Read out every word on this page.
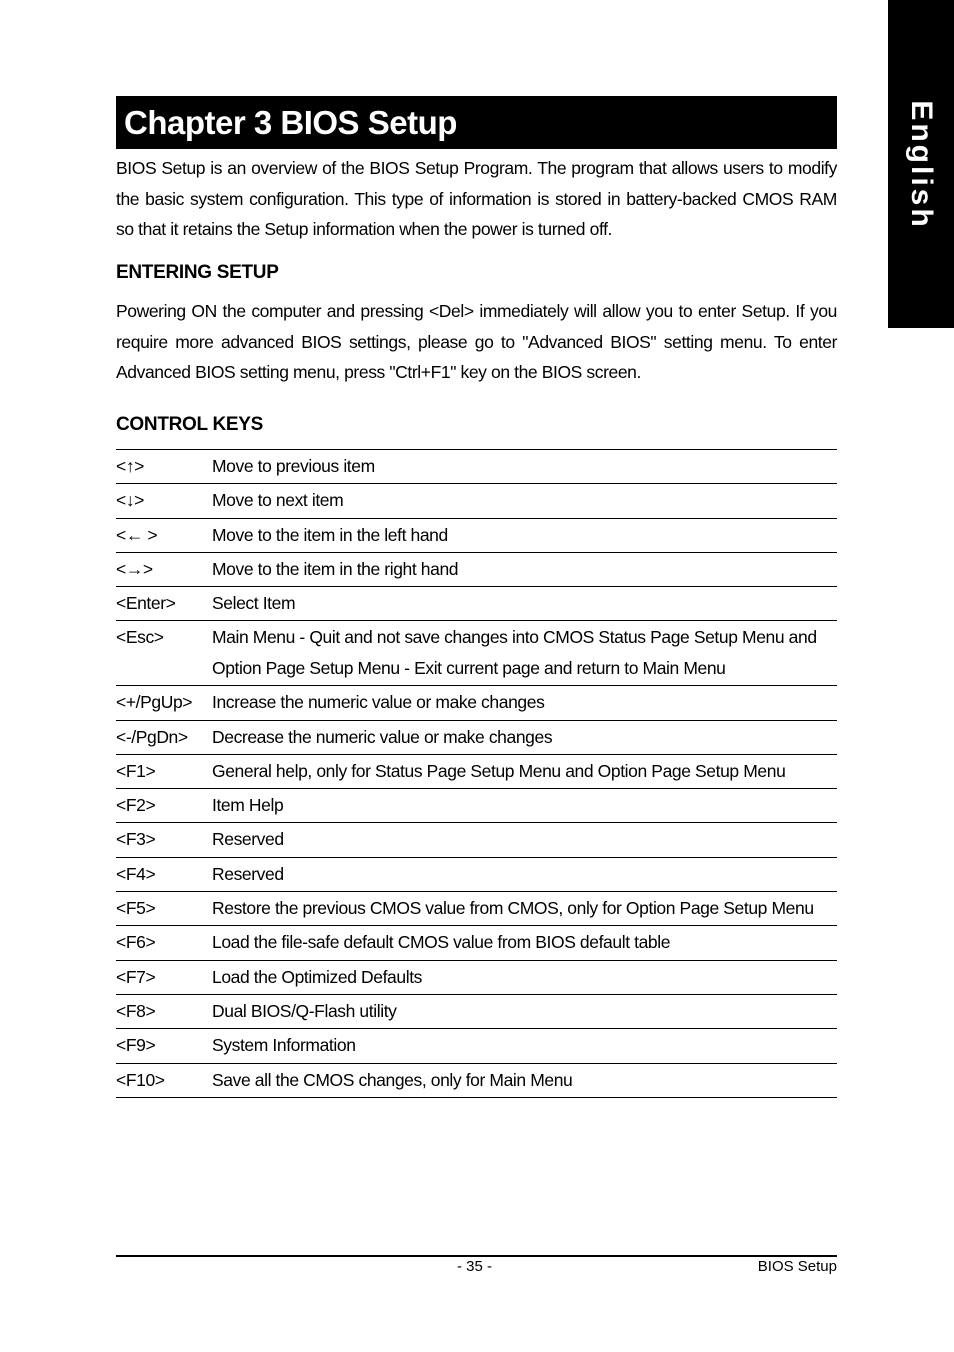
English
Chapter 3 BIOS Setup

BIOS Setup is an overview of the BIOS Setup Program. The program that allows users to modify the basic system configuration. This type of information is stored in battery-backed CMOS RAM so that it retains the Setup information when the power is turned off.

ENTERING SETUP

Powering ON the computer and pressing <Del> immediately will allow you to enter Setup. If you require more advanced BIOS settings, please go to "Advanced BIOS" setting menu. To enter Advanced BIOS setting menu, press "Ctrl+F1" key on the BIOS screen.

CONTROL KEYS
<↑>	Move to previous item
<↓>	Move to next item
<← >	Move to the item in the left hand
<→>	Move to the item in the right hand
<Enter>	Select Item
<Esc>	Main Menu - Quit and not save changes into CMOS Status Page Setup Menu and Option Page Setup Menu - Exit current page and return to Main Menu
<+/PgUp>	Increase the numeric value or make changes
<-/PgDn>	Decrease the numeric value or make changes
<F1>	General help, only for Status Page Setup Menu and Option Page Setup Menu
<F2>	Item Help
<F3>	Reserved
<F4>	Reserved
<F5>	Restore the previous CMOS value from CMOS, only for Option Page Setup Menu
<F6>	Load the file-safe default CMOS value from BIOS default table
<F7>	Load the Optimized Defaults
<F8>	Dual BIOS/Q-Flash utility
<F9>	System Information
<F10>	Save all the CMOS changes, only for Main Menu
- 35 -	BIOS Setup
